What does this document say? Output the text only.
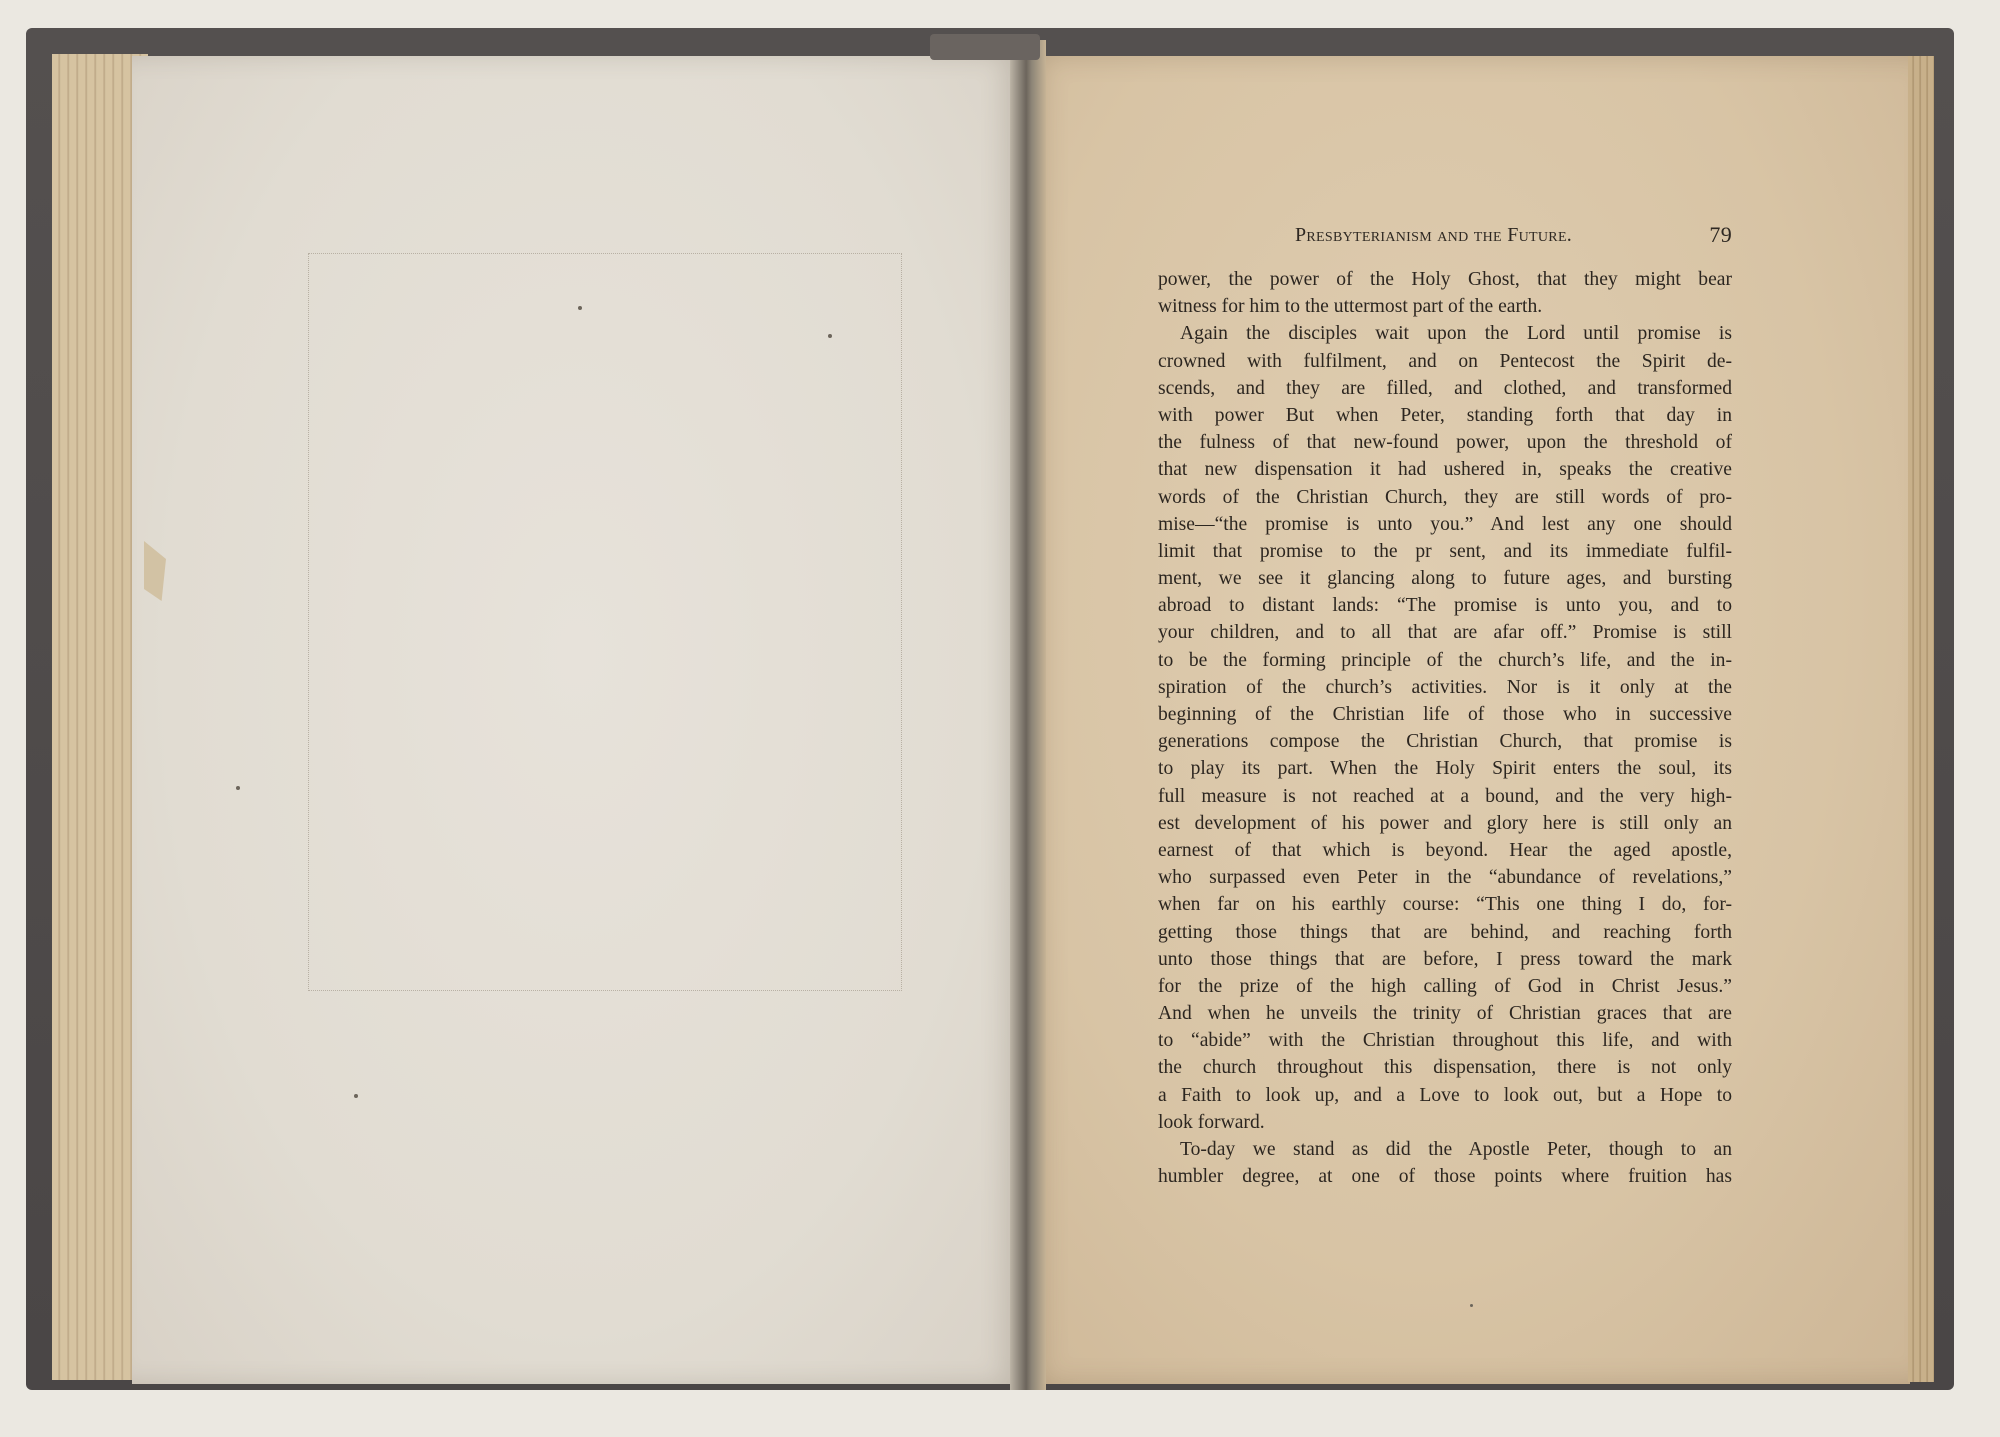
Presbyterianism and the Future.	79
power, the power of the Holy Ghost, that they might bear
witness for him to the uttermost part of the earth.
Again the disciples wait upon the Lord until promise is
crowned with fulfilment, and on Pentecost the Spirit de-
scends, and they are filled, and clothed, and transformed
with power But when Peter, standing forth that day in
the fulness of that new-found power, upon the threshold of
that new dispensation it had ushered in, speaks the creative
words of the Christian Church, they are still words of pro-
mise—“the promise is unto you.” And lest any one should
limit that promise to the pr sent, and its immediate fulfil-
ment, we see it glancing along to future ages, and bursting
abroad to distant lands: “The promise is unto you, and to
your children, and to all that are afar off.” Promise is still
to be the forming principle of the church’s life, and the in-
spiration of the church’s activities. Nor is it only at the
beginning of the Christian life of those who in successive
generations compose the Christian Church, that promise is
to play its part. When the Holy Spirit enters the soul, its
full measure is not reached at a bound, and the very high-
est development of his power and glory here is still only an
earnest of that which is beyond. Hear the aged apostle,
who surpassed even Peter in the “abundance of revelations,”
when far on his earthly course: “This one thing I do, for-
getting those things that are behind, and reaching forth
unto those things that are before, I press toward the mark
for the prize of the high calling of God in Christ Jesus.”
And when he unveils the trinity of Christian graces that are
to “abide” with the Christian throughout this life, and with
the church throughout this dispensation, there is not only
a Faith to look up, and a Love to look out, but a Hope to
look forward.
To-day we stand as did the Apostle Peter, though to an
humbler degree, at one of those points where fruition has
